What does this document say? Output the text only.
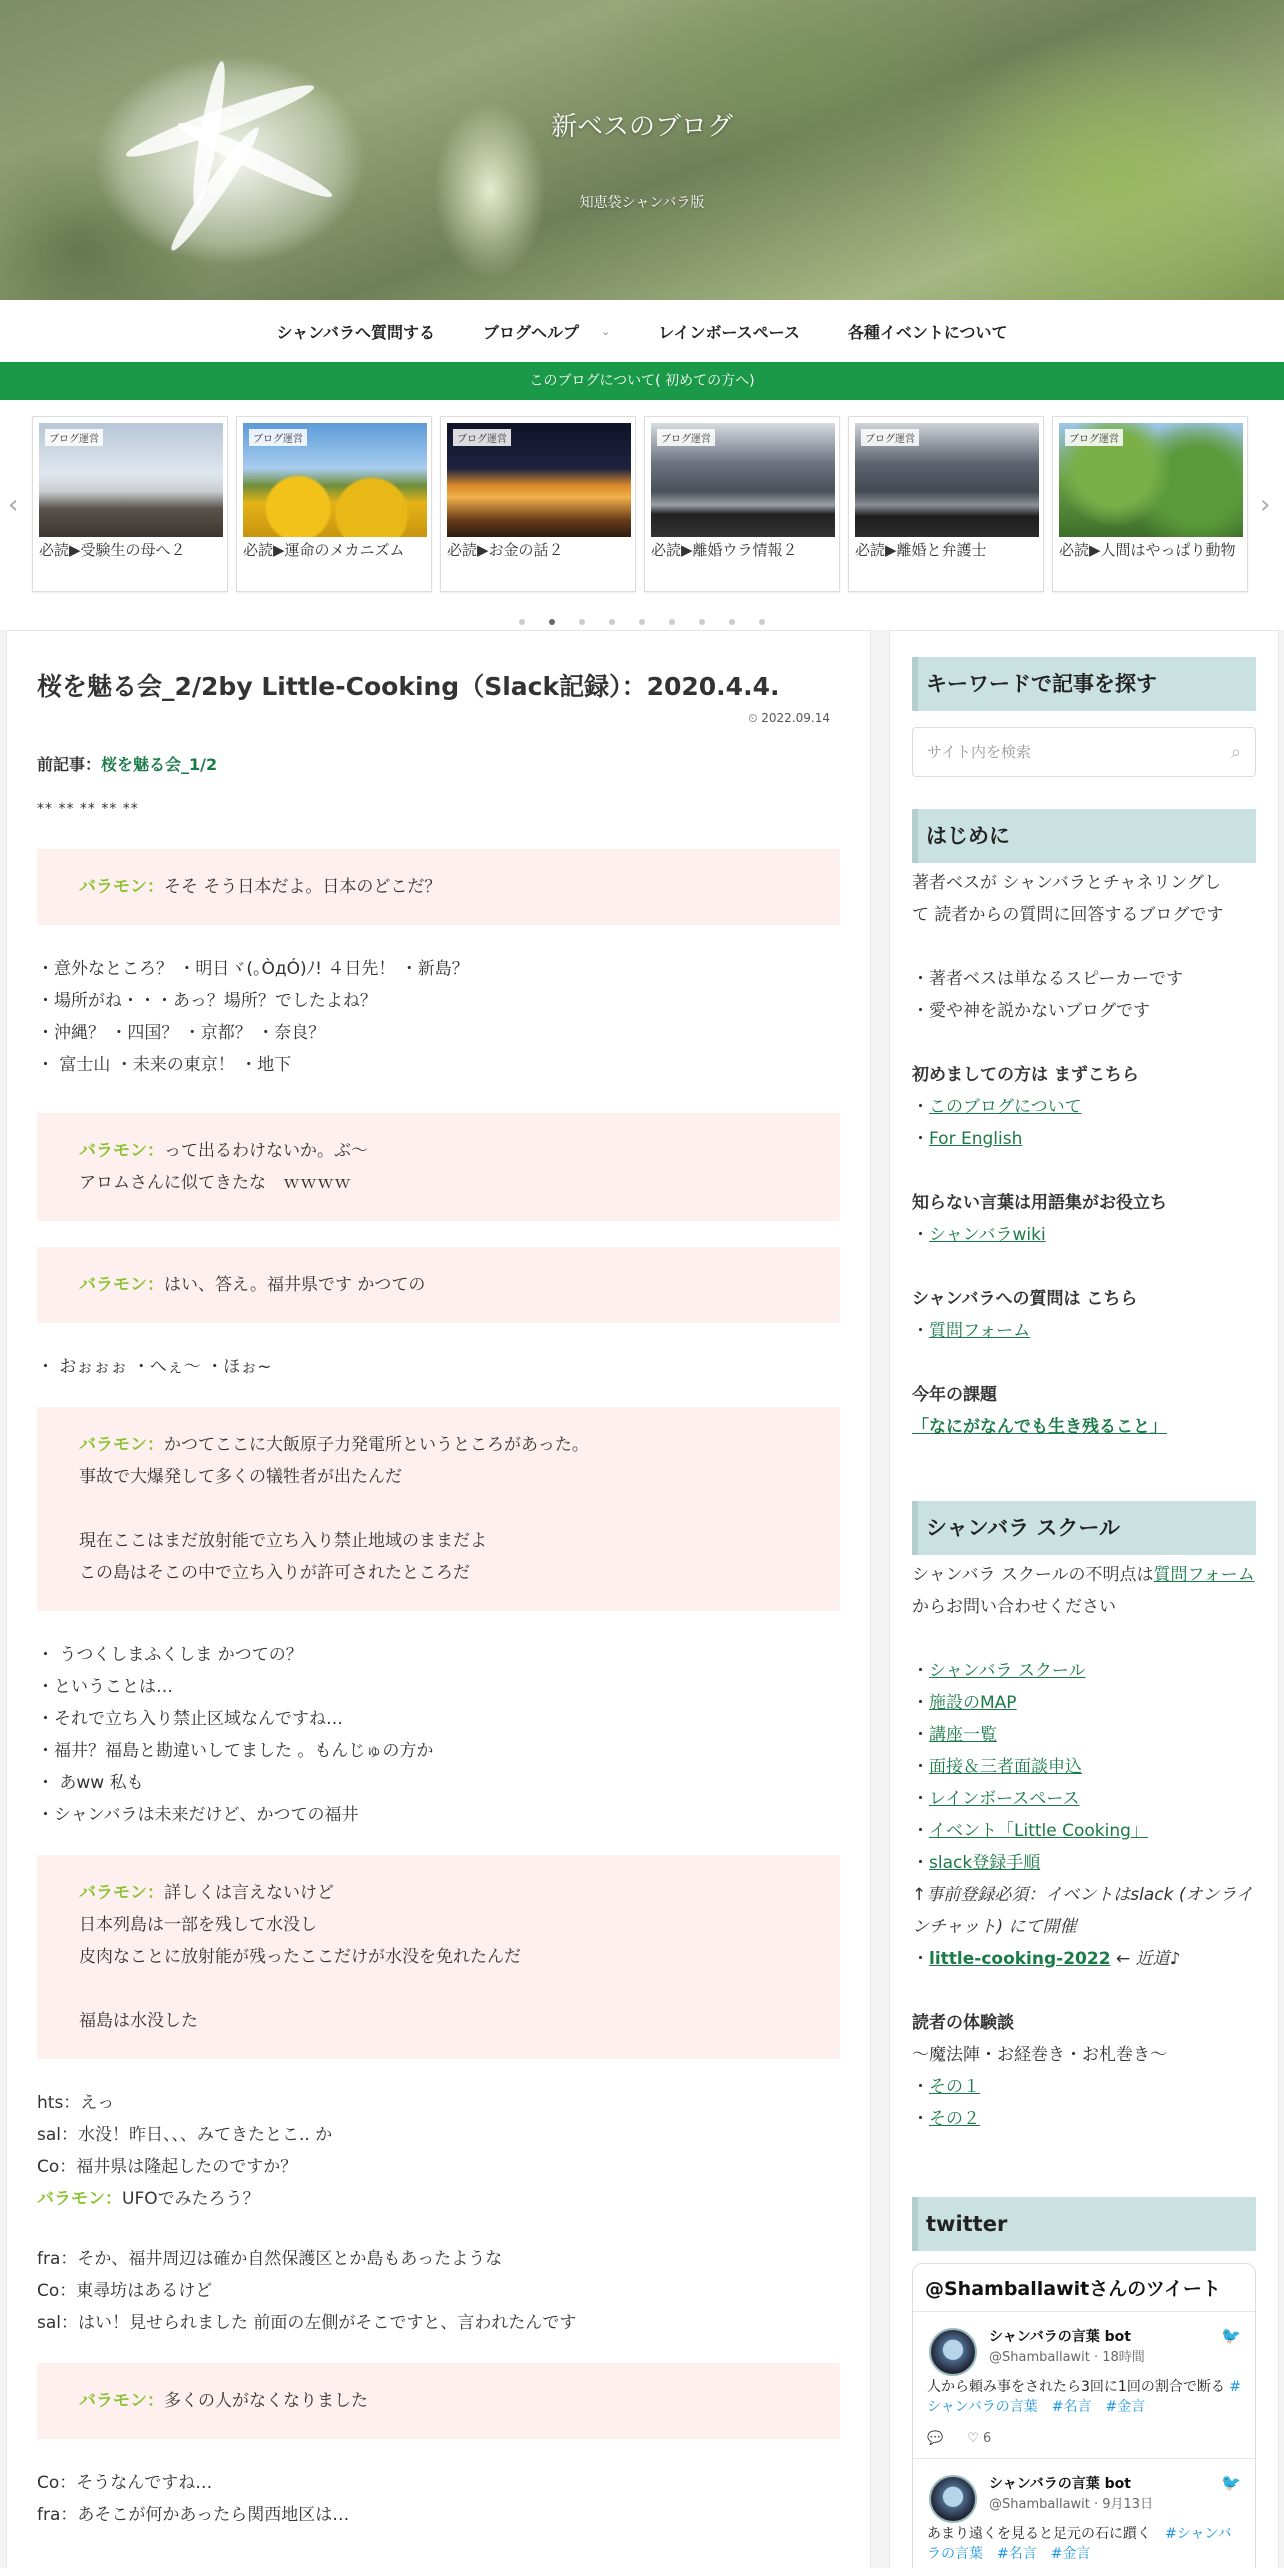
新ベスのブログ
知恵袋シャンバラ版
シャンバラへ質問する	ブログヘルプ ⌄	レインボースペース	各種イベントについて
このブログについて( 初めての方へ)
‹	›
ブログ運営
必読▶受験生の母へ２
ブログ運営
必読▶運命のメカニズム
ブログ運営
必読▶お金の話２
ブログ運営
必読▶離婚ウラ情報２
ブログ運営
必読▶離婚と弁護士
ブログ運営
必読▶人間はやっぱり動物
桜を魅る会_2/2by Little-Cooking（Slack記録）：2020.4.4.
⏲ 2022.09.14
前記事：桜を魅る会_1/2
** ** ** ** **
バラモン：そそ そう日本だよ。日本のどこだ？
・意外なところ？ ・明日ヾ(｡ÒдÓ)ﾉ! ４日先！ ・新島？
・場所がね・・・あっ？場所？でしたよね？
・沖縄？ ・四国？ ・京都？ ・奈良？
・ 富士山 ・未来の東京！ ・地下
バラモン：って出るわけないか。ぶ〜
アロムさんに似てきたな　ｗｗｗｗ
バラモン：はい、答え。福井県です かつての
・ おぉぉぉ ・へぇ〜 ・ほぉ~
バラモン：かつてここに大飯原子力発電所というところがあった。
事故で大爆発して多くの犠牲者が出たんだ
現在ここはまだ放射能で立ち入り禁止地域のままだよ
この島はそこの中で立ち入りが許可されたところだ
・ うつくしまふくしま かつての？
・ということは…
・それで立ち入り禁止区域なんですね…
・福井？福島と勘違いしてました 。もんじゅの方か
・ あww 私も
・シャンバラは未来だけど、かつての福井
バラモン：詳しくは言えないけど
日本列島は一部を残して水没し
皮肉なことに放射能が残ったここだけが水没を免れたんだ
福島は水没した
hts：えっ
sal：水没！昨日、、、みてきたとこ.. か
Co：福井県は隆起したのですか？
バラモン：UFOでみたろう？
fra：そか、福井周辺は確か自然保護区とか島もあったような
Co：東尋坊はあるけど
sal：はい！見せられました 前面の左側がそこですと、言われたんです
バラモン：多くの人がなくなりました
Co：そうなんですね…
fra：あそこが何かあったら関西地区は…
キーワードで記事を探す
サイト内を検索
⌕
はじめに
著者ベスが シャンバラとチャネリングし
て 読者からの質問に回答するブログです
・著者ベスは単なるスピーカーです
・愛や神を説かないブログです
初めましての方は まずこちら
・このブログについて
・For English
知らない言葉は用語集がお役立ち
・シャンバラwiki
シャンバラへの質問は こちら
・質問フォーム
今年の課題
「なにがなんでも生き残ること」
シャンバラ スクール
シャンバラ スクールの不明点は質問フォームからお問い合わせください
・シャンバラ スクール
・施設のMAP
・講座一覧
・面接＆三者面談申込
・レインボースペース
・イベント「Little Cooking」
・slack登録手順
↑事前登録必須：イベントはslack (オンラインチャット) にて開催
・little-cooking-2022 ← 近道♪
読者の体験談
〜魔法陣・お経巻き・お札巻き〜
・その１
・その２
twitter
@Shamballawitさんのツイート
🐦
シャンバラの言葉 bot
@Shamballawit · 18時間
人から頼み事をされたら3回に1回の割合で断る #シャンバラの言葉　#名言　#金言
💬 ♡ 6
🐦
シャンバラの言葉 bot
@Shamballawit · 9月13日
あまり遠くを見ると足元の石に躓く　 #シャンバラの言葉　#名言　#金言
